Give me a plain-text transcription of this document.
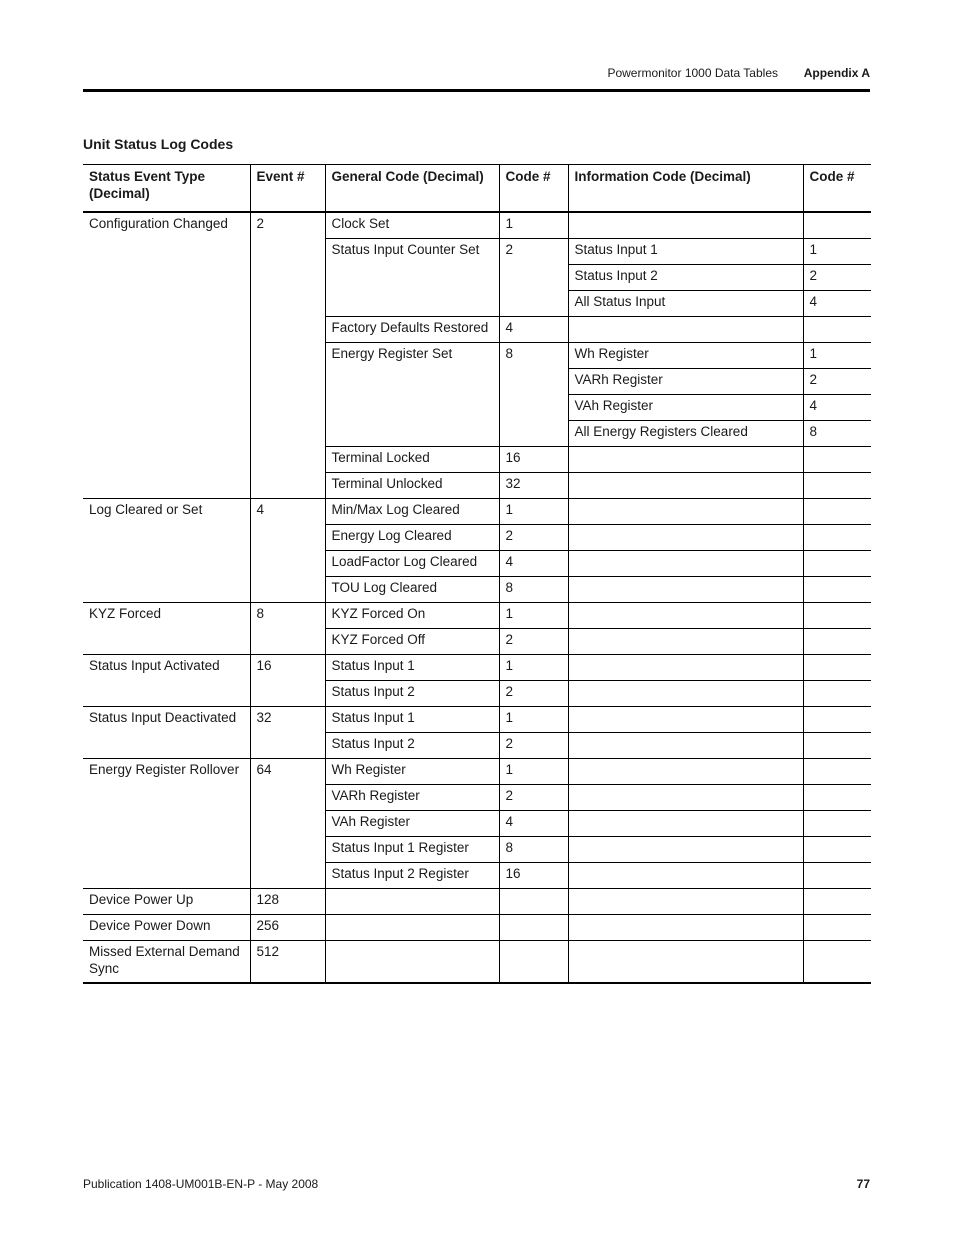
Powermonitor 1000 Data Tables Appendix A
Unit Status Log Codes
Status Event Type (Decimal)	Event #	General Code (Decimal)	Code #	Information Code (Decimal)	Code #
Configuration Changed	2	Clock Set	1		
		Status Input Counter Set	2	Status Input 1	1
				Status Input 2	2
				All Status Input	4
		Factory Defaults Restored	4		
		Energy Register Set	8	Wh Register	1
				VARh Register	2
				VAh Register	4
				All Energy Registers Cleared	8
		Terminal Locked	16		
		Terminal Unlocked	32		
Log Cleared or Set	4	Min/Max Log Cleared	1		
		Energy Log Cleared	2		
		LoadFactor Log Cleared	4		
		TOU Log Cleared	8		
KYZ Forced	8	KYZ Forced On	1		
		KYZ Forced Off	2		
Status Input Activated	16	Status Input 1	1		
		Status Input 2	2		
Status Input Deactivated	32	Status Input 1	1		
		Status Input 2	2		
Energy Register Rollover	64	Wh Register	1		
		VARh Register	2		
		VAh Register	4		
		Status Input 1 Register	8		
		Status Input 2 Register	16		
Device Power Up	128				
Device Power Down	256				
Missed External Demand Sync	512				
Publication 1408-UM001B-EN-P - May 2008	77
